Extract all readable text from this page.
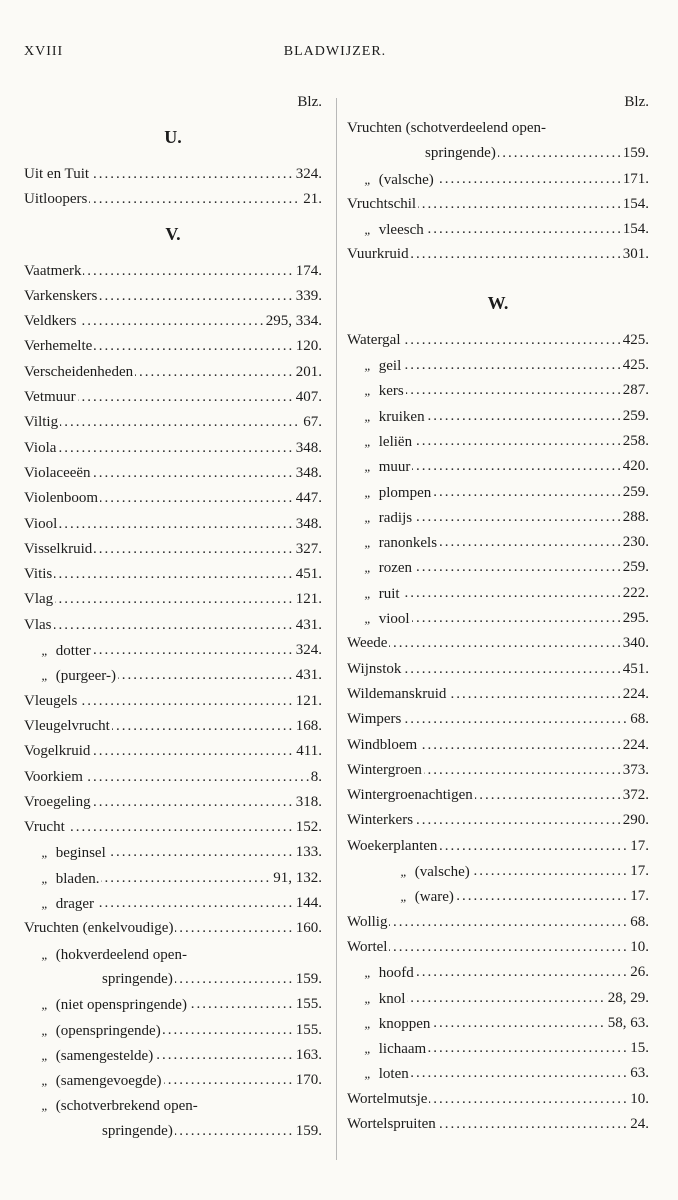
XVIII	BLADWIJZER.
Blz.
U.
.....
Uit en Tuit	324.
.....
Uitloopers	21.
V.
.....
Vaatmerk	174.
.....
Varkenskers	339.
.....
Veldkers	295, 334.
.....
Verhemelte	120.
.....
Verscheidenheden	201.
.....
Vetmuur	407.
.....
Viltig	67.
.....
Viola	348.
.....
Violaceeën	348.
.....
Violenboom	447.
.....
Viool	348.
.....
Visselkruid	327.
.....
Vitis	451.
.....
Vlag	121.
.....
Vlas	431.
.....
„ dotter	324.
.....
„ (purgeer-)	431.
.....
Vleugels	121.
.....
Vleugelvrucht	168.
.....
Vogelkruid	411.
.....
Voorkiem	8.
.....
Vroegeling	318.
.....
Vrucht	152.
.....
„ beginsel	133.
.....
„ bladen.	91, 132.
.....
„ drager	144.
.....
Vruchten (enkelvoudige)	160.
„ (hokverdeelend open-
.....
springende)	159.
.....
„ (niet openspringende)	155.
.....
„ (openspringende)	155.
.....
„ (samengestelde)	163.
.....
„ (samengevoegde)	170.
„ (schotverbrekend open-
.....
springende)	159.
Blz.
Vruchten (schotverdeelend open-
.....
springende)	159.
.....
„ (valsche)	171.
.....
Vruchtschil	154.
.....
„ vleesch	154.
.....
Vuurkruid	301.
W.
.....
Watergal	425.
.....
„ geil	425.
.....
„ kers	287.
.....
„ kruiken	259.
.....
„ leliën	258.
.....
„ muur	420.
.....
„ plompen	259.
.....
„ radijs	288.
.....
„ ranonkels	230.
.....
„ rozen	259.
.....
„ ruit	222.
.....
„ viool	295.
.....
Weede	340.
.....
Wijnstok	451.
.....
Wildemanskruid	224.
.....
Wimpers	68.
.....
Windbloem	224.
.....
Wintergroen	373.
.....
Wintergroenachtigen	372.
.....
Winterkers	290.
.....
Woekerplanten	17.
.....
„ (valsche)	17.
.....
„ (ware)	17.
.....
Wollig	68.
.....
Wortel	10.
.....
„ hoofd	26.
.....
„ knol	28, 29.
.....
„ knoppen	58, 63.
.....
„ lichaam	15.
.....
„ loten	63.
.....
Wortelmutsje	10.
.....
Wortelspruiten	24.
